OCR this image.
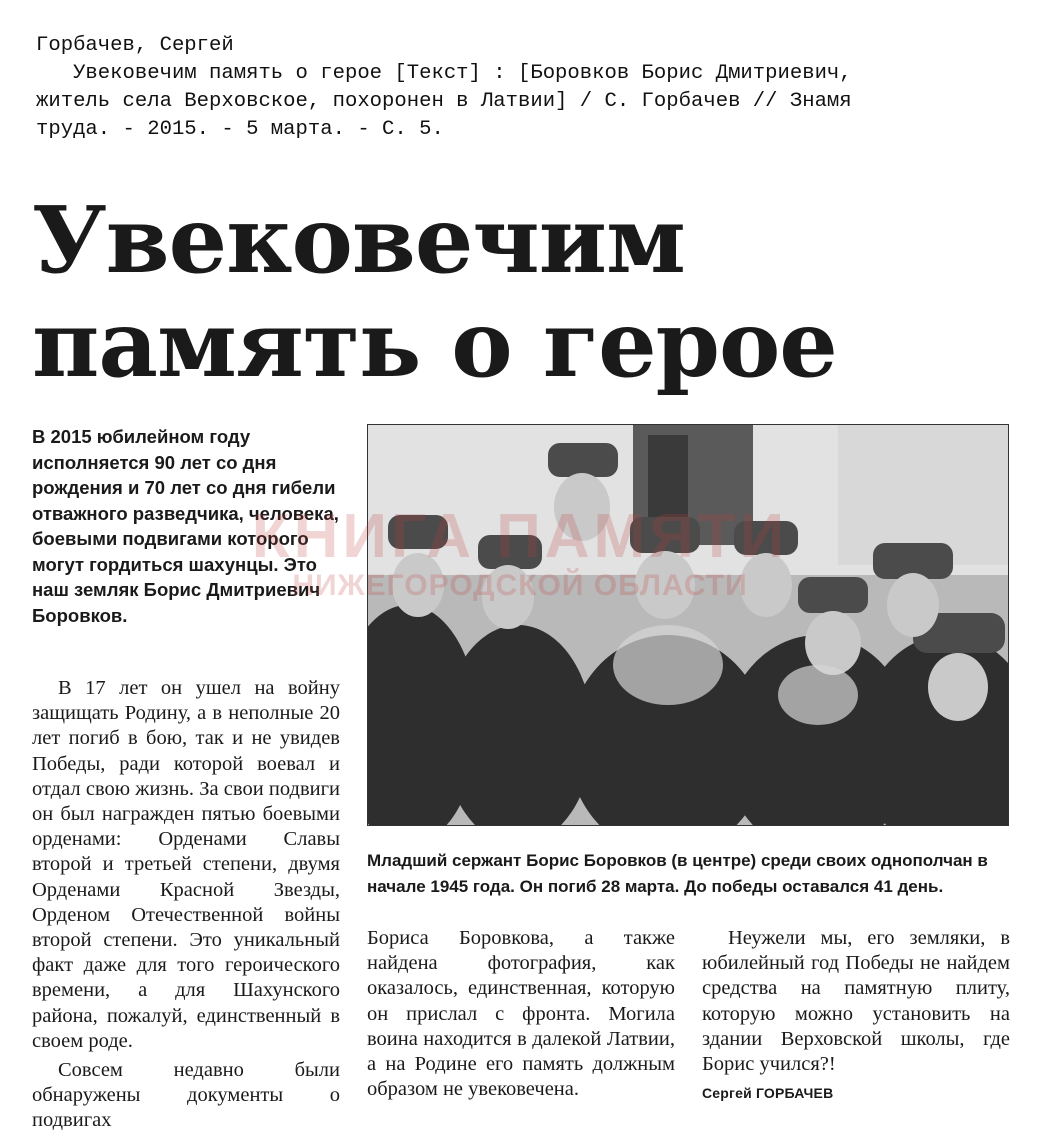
Горбачев, Сергей
Увековечим память о герое [Текст] : [Боровков Борис Дмитриевич,
житель села Верховское, похоронен в Латвии] / С. Горбачев // Знамя
труда. - 2015. - 5 марта. - С. 5.
Увековечим память о герое

В 2015 юбилейном году исполняется 90 лет со дня рождения и 70 лет со дня гибели отважного разведчика, человека, боевыми подвигами которого могут гордиться шахунцы. Это наш земляк Борис Дмитриевич Боровков.

В 17 лет он ушел на войну защищать Родину, а в неполные 20 лет погиб в бою, так и не увидев Победы, ради которой воевал и отдал свою жизнь. За свои подвиги он был награжден пятью боевыми орденами: Орденами Славы второй и третьей степени, двумя Орденами Красной Звезды, Орденом Отечественной войны второй степени. Это уникальный факт даже для того героического времени, а для Шахунского района, пожалуй, единственный в своем роде.

Совсем недавно были обнаружены документы о подвигах

КНИГА ПАМЯТИ
НИЖЕГОРОДСКОЙ ОБЛАСТИ

Младший сержант Борис Боровков (в центре) среди своих однополчан в начале 1945 года. Он погиб 28 марта. До победы оставался 41 день.

Бориса Боровкова, а также найдена фотография, как оказалось, единственная, которую он прислал с фронта. Могила воина находится в далекой Латвии, а на Родине его память должным образом не увековечена.

Неужели мы, его земляки, в юбилейный год Победы не найдем средства на памятную плиту, которую можно установить на здании Верховской школы, где Борис учился?!

Сергей ГОРБАЧЕВ
